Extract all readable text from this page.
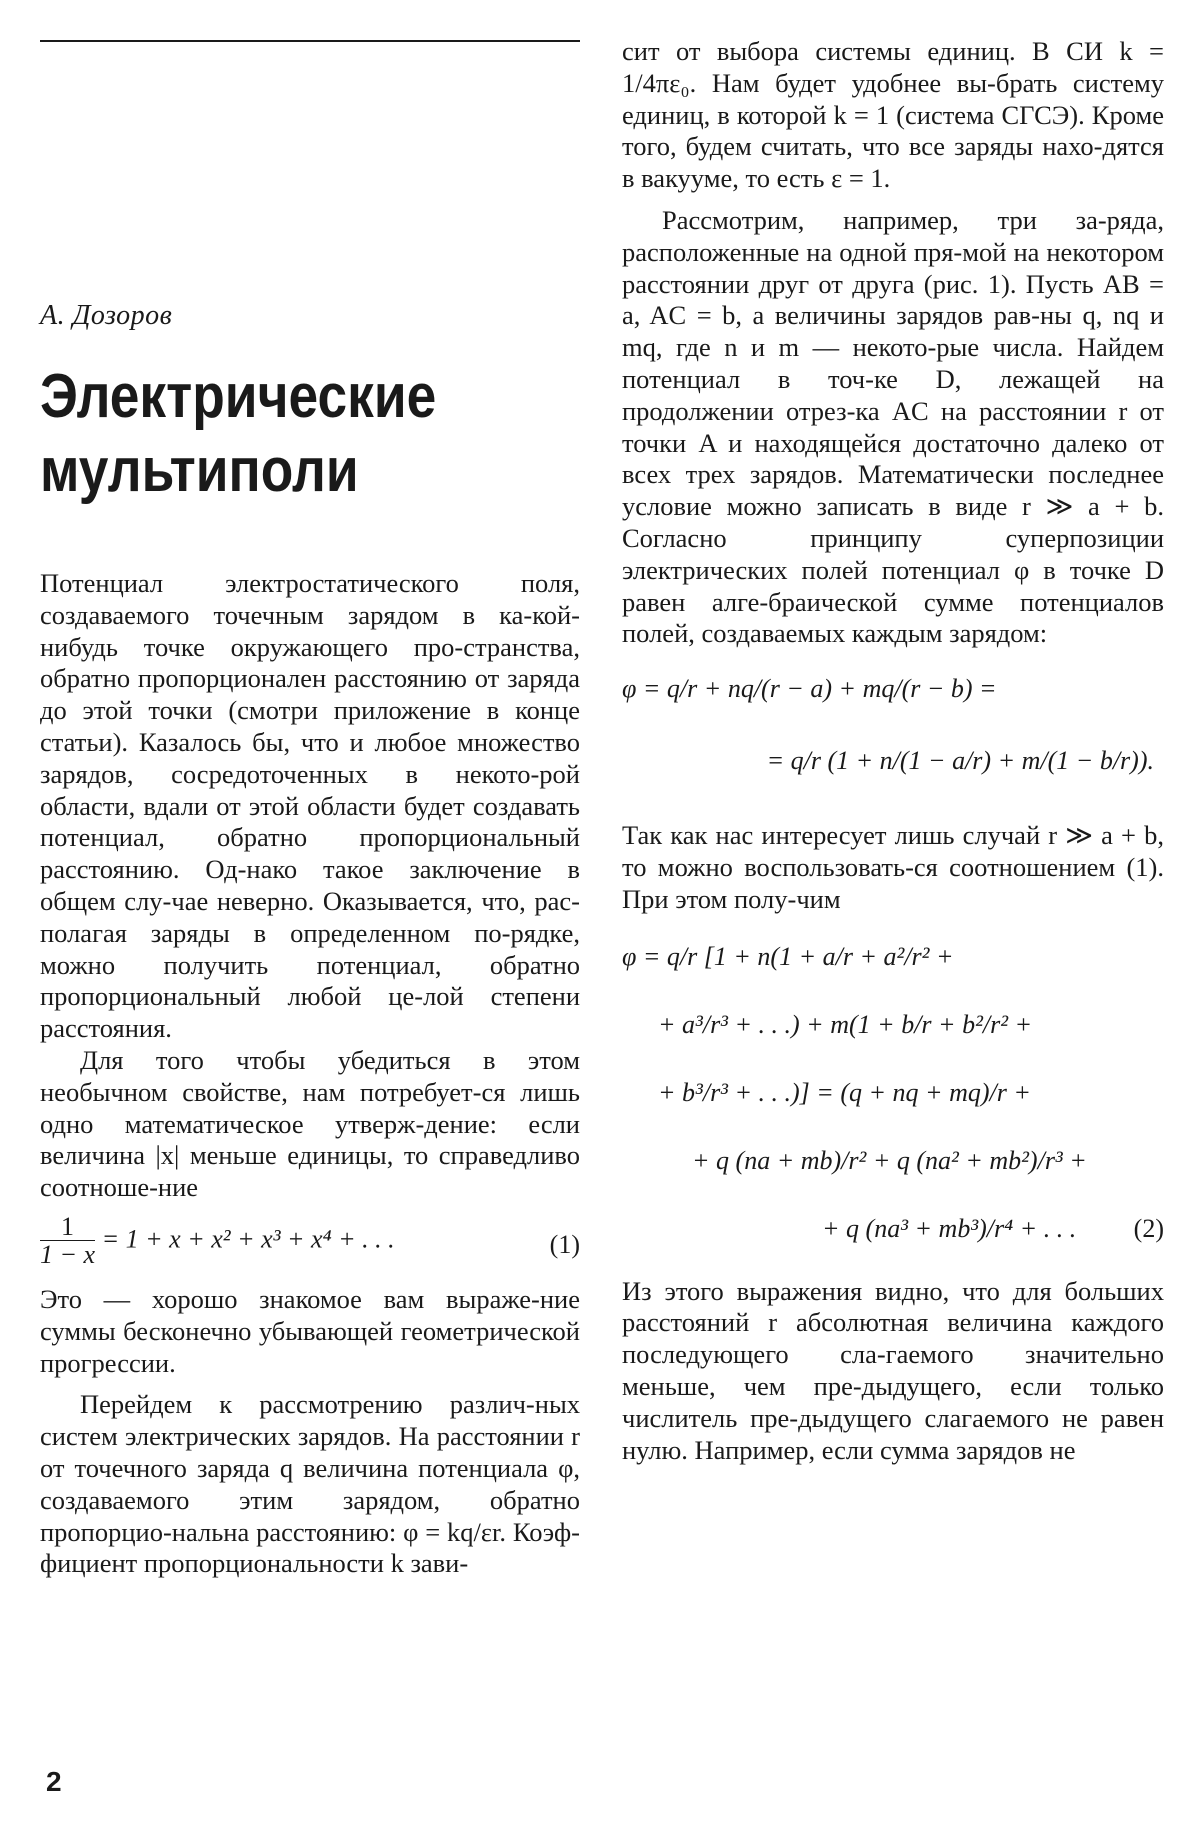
А. Дозоров
Электрические
мультиполи

Потенциал электростатического поля, создаваемого точечным зарядом в ка-кой-нибудь точке окружающего про-странства, обратно пропорционален расстоянию от заряда до этой точки (смотри приложение в конце статьи). Казалось бы, что и любое множество зарядов, сосредоточенных в некото-рой области, вдали от этой области будет создавать потенциал, обратно пропорциональный расстоянию. Од-нако такое заключение в общем слу-чае неверно. Оказывается, что, рас-полагая заряды в определенном по-рядке, можно получить потенциал, обратно пропорциональный любой це-лой степени расстояния.

Для того чтобы убедиться в этом необычном свойстве, нам потребует-ся лишь одно математическое утверж-дение: если величина |x| меньше единицы, то справедливо соотноше-ние

$\frac{1}{1 - x} = 1 + x + x^2 + x^3 + x^4$ + . . .	(1)

Это — хорошо знакомое вам выраже-ние суммы бесконечно убывающей геометрической прогрессии.

Перейдем к рассмотрению различ-ных систем электрических зарядов. На расстоянии r от точечного заряда q величина потенциала φ, создаваемого этим зарядом, обратно пропорцио-нальна расстоянию: φ = kq/εr. Коэф-фициент пропорциональности k зави-

сит от выбора системы единиц. В СИ k = 1/4πε₀. Нам будет удобнее вы-брать систему единиц, в которой k = 1 (система СГСЭ). Кроме того, будем считать, что все заряды нахо-дятся в вакууме, то есть ε = 1.

Рассмотрим, например, три за-ряда, расположенные на одной пря-мой на некотором расстоянии друг от друга (рис. 1). Пусть AB = a, AC = b, а величины зарядов рав-ны q, nq и mq, где n и m — некото-рые числа. Найдем потенциал в точ-ке D, лежащей на продолжении отрез-ка AC на расстоянии r от точки A и находящейся достаточно далеко от всех трех зарядов. Математически последнее условие можно записать в виде r ≫ a + b. Согласно принципу суперпозиции электрических полей потенциал φ в точке D равен алге-браической сумме потенциалов полей, создаваемых каждым зарядом:

φ = q/r + nq/(r − a) + mq/(r − b) =
= q/r (1 + n/(1 − a/r) + m/(1 − b/r)).

Так как нас интересует лишь случай r ≫ a + b, то можно воспользовать-ся соотношением (1). При этом полу-чим

φ = q/r [1 + n(1 + a/r + a²/r² +
+ a³/r³ + . . .) + m(1 + b/r + b²/r² +
+ b³/r³ + . . .)] = (q + nq + mq)/r +
+ q (na + mb)/r² + q (na² + mb²)/r³ +
+ q (na³ + mb³)/r⁴ + . . . (2)

Из этого выражения видно, что для больших расстояний r абсолютная величина каждого последующего сла-гаемого значительно меньше, чем пре-дыдущего, если только числитель пре-дыдущего слагаемого не равен нулю. Например, если сумма зарядов не

2
